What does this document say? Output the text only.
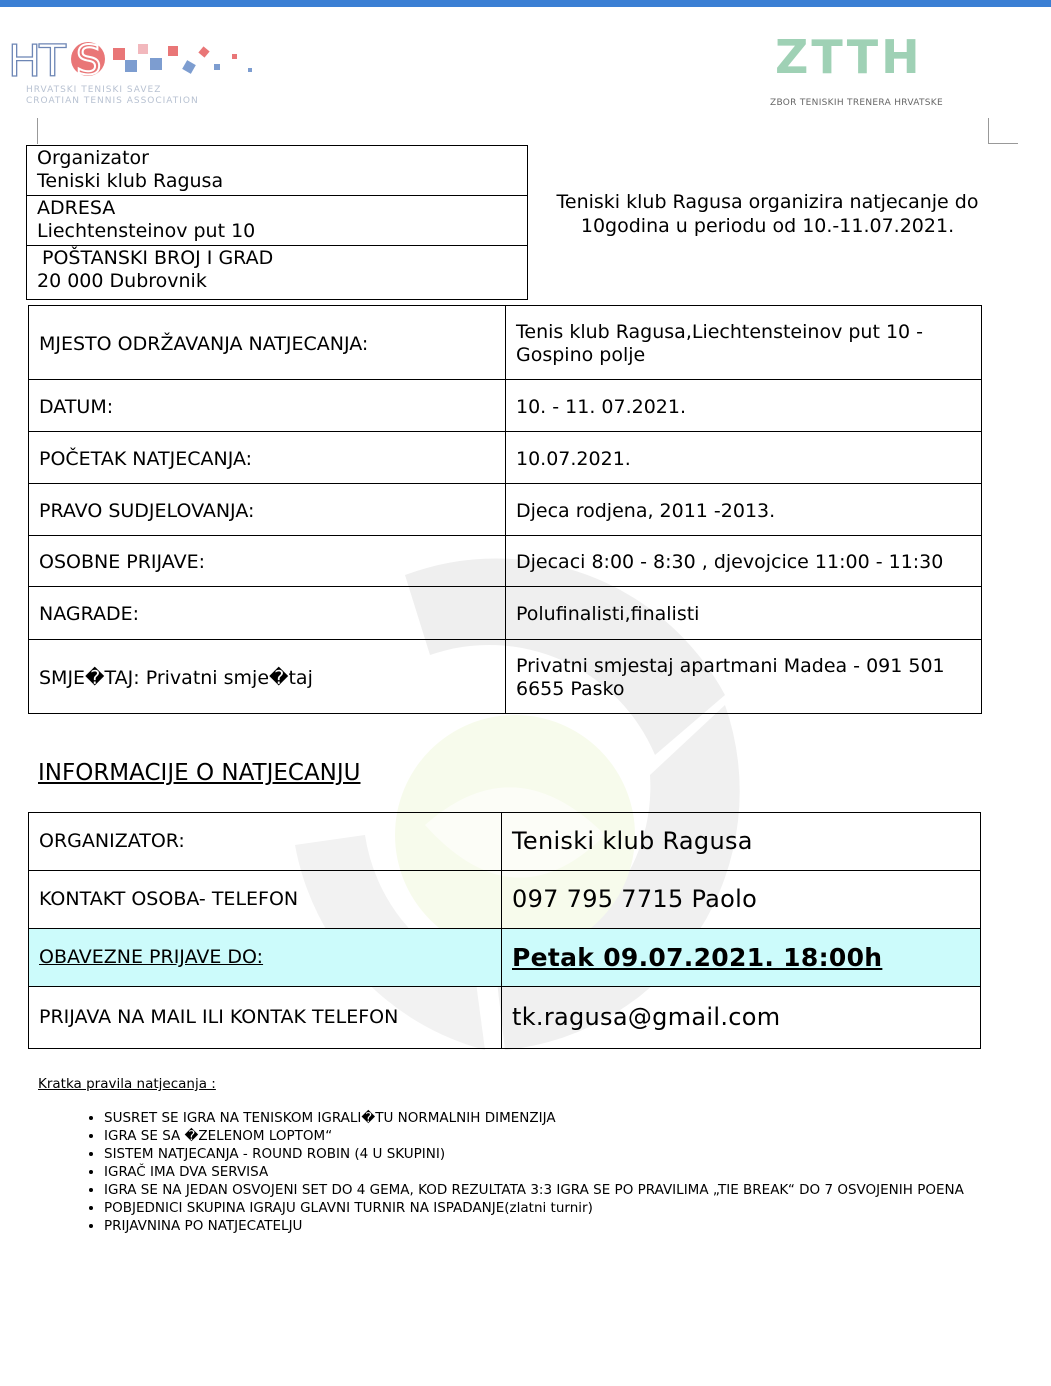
HT S
HRVATSKI TENISKI SAVEZ
CROATIAN TENNIS ASSOCIATION
ZTTH
ZBOR TENISKIH TRENERA HRVATSKE
Organizator
Teniski klub Ragusa
ADRESA
Liechtensteinov put 10
POŠTANSKI BROJ I GRAD
20 000 Dubrovnik
Teniski klub Ragusa organizira natjecanje do 10godina u periodu od 10.-11.07.2021.
MJESTO ODRŽAVANJA NATJECANJA:	Tenis klub Ragusa,Liechtensteinov put 10 - Gospino polje
DATUM:	10. - 11. 07.2021.
POČETAK NATJECANJA:	10.07.2021.
PRAVO SUDJELOVANJA:	Djeca rodjena, 2011 -2013.
OSOBNE PRIJAVE:	Djecaci 8:00 - 8:30 , djevojcice 11:00 - 11:30
NAGRADE:	Polufinalisti,finalisti
SMJE�TAJ: Privatni smje�taj	Privatni smjestaj apartmani Madea - 091 501 6655 Pasko
INFORMACIJE O NATJECANJU
ORGANIZATOR:	Teniski klub Ragusa
KONTAKT OSOBA- TELEFON	097 795 7715 Paolo
OBAVEZNE PRIJAVE DO:	Petak 09.07.2021. 18:00h
PRIJAVA NA MAIL ILI KONTAK TELEFON	tk.ragusa@gmail.com
Kratka pravila natjecanja :
• SUSRET SE IGRA NA TENISKOM IGRALI�TU NORMALNIH DIMENZIJA
• IGRA SE SA �ZELENOM LOPTOM“
• SISTEM NATJECANJA - ROUND ROBIN (4 U SKUPINI)
• IGRAČ IMA DVA SERVISA
• IGRA SE NA JEDAN OSVOJENI SET DO 4 GEMA, KOD REZULTATA 3:3 IGRA SE PO PRAVILIMA „TIE BREAK“ DO 7 OSVOJENIH POENA
• POBJEDNICI SKUPINA IGRAJU GLAVNI TURNIR NA ISPADANJE(zlatni turnir)
• PRIJAVNINA PO NATJECATELJU
